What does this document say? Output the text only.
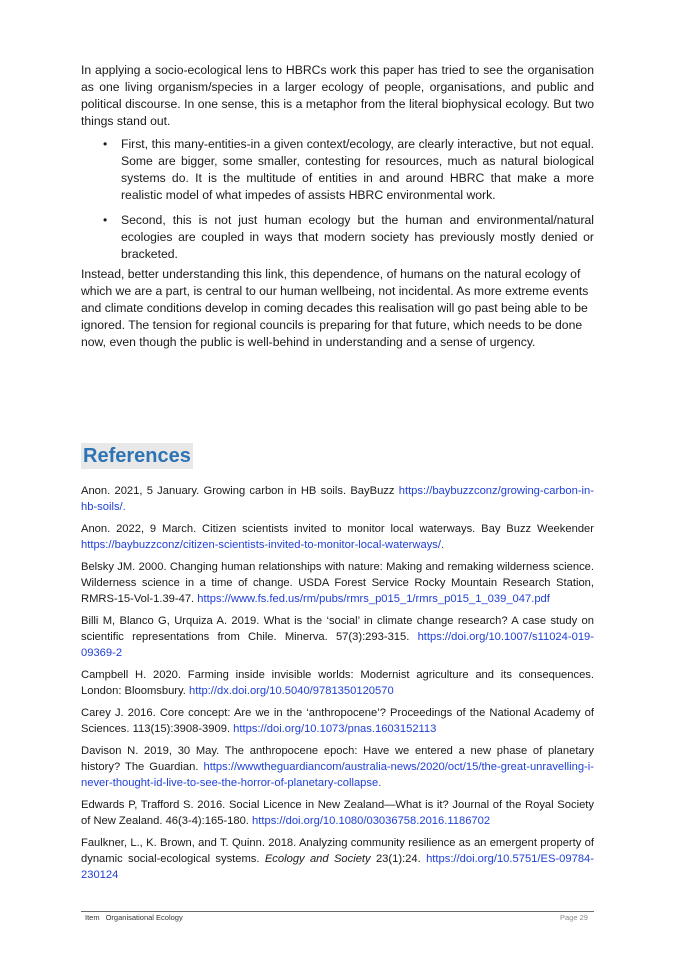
In applying a socio-ecological lens to HBRCs work this paper has tried to see the organisation as one living organism/species in a larger ecology of people, organisations, and public and political discourse. In one sense, this is a metaphor from the literal biophysical ecology. But two things stand out.

• First, this many-entities-in a given context/ecology, are clearly interactive, but not equal. Some are bigger, some smaller, contesting for resources, much as natural biological systems do. It is the multitude of entities in and around HBRC that make a more realistic model of what impedes of assists HBRC environmental work.
• Second, this is not just human ecology but the human and environmental/natural ecologies are coupled in ways that modern society has previously mostly denied or bracketed.

Instead, better understanding this link, this dependence, of humans on the natural ecology of which we are a part, is central to our human wellbeing, not incidental. As more extreme events and climate conditions develop in coming decades this realisation will go past being able to be ignored. The tension for regional councils is preparing for that future, which needs to be done now, even though the public is well-behind in understanding and a sense of urgency.

References

Anon. 2021, 5 January. Growing carbon in HB soils. BayBuzz https://baybuzzconz/growing-carbon-in-hb-soils/.

Anon. 2022, 9 March. Citizen scientists invited to monitor local waterways. Bay Buzz Weekender https://baybuzzconz/citizen-scientists-invited-to-monitor-local-waterways/.

Belsky JM. 2000. Changing human relationships with nature: Making and remaking wilderness science. Wilderness science in a time of change. USDA Forest Service Rocky Mountain Research Station, RMRS-15-Vol-1.39-47. https://www.fs.fed.us/rm/pubs/rmrs_p015_1/rmrs_p015_1_039_047.pdf

Billi M, Blanco G, Urquiza A. 2019. What is the ‘social’ in climate change research? A case study on scientific representations from Chile. Minerva. 57(3):293-315. https://doi.org/10.1007/s11024-019-09369-2

Campbell H. 2020. Farming inside invisible worlds: Modernist agriculture and its consequences. London: Bloomsbury. http://dx.doi.org/10.5040/9781350120570

Carey J. 2016. Core concept: Are we in the ‘anthropocene’? Proceedings of the National Academy of Sciences. 113(15):3908-3909. https://doi.org/10.1073/pnas.1603152113

Davison N. 2019, 30 May. The anthropocene epoch: Have we entered a new phase of planetary history? The Guardian. https://wwwtheguardiancom/australia-news/2020/oct/15/the-great-unravelling-i-never-thought-id-live-to-see-the-horror-of-planetary-collapse.

Edwards P, Trafford S. 2016. Social Licence in New Zealand—What is it? Journal of the Royal Society of New Zealand. 46(3-4):165-180. https://doi.org/10.1080/03036758.2016.1186702

Faulkner, L., K. Brown, and T. Quinn. 2018. Analyzing community resilience as an emergent property of dynamic social-ecological systems. Ecology and Society 23(1):24. https://doi.org/10.5751/ES-09784-230124

Item Organisational Ecology	Page 29
